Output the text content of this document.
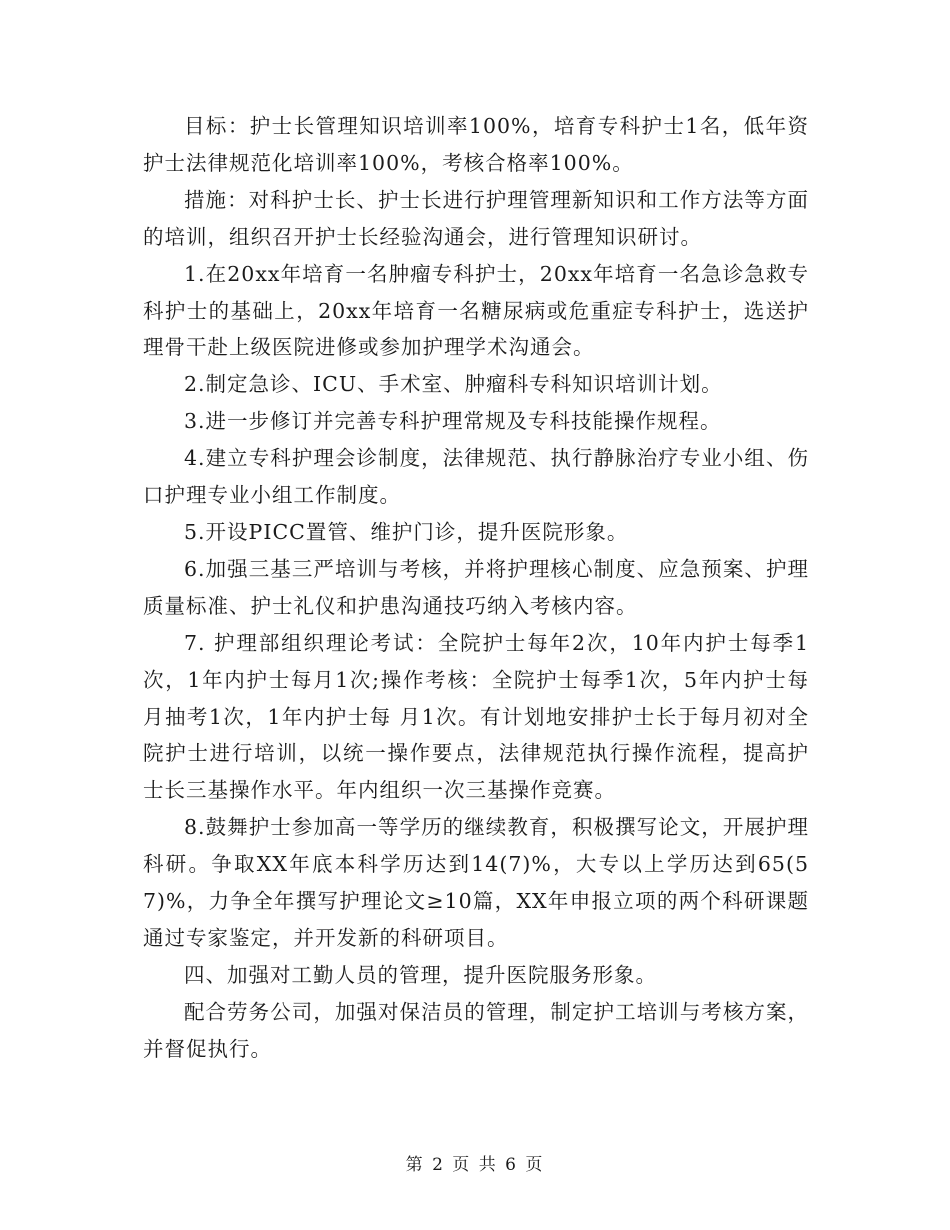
目标：护士长管理知识培训率100%，培育专科护士1名，低年资护士法律规范化培训率100%，考核合格率100%。

措施：对科护士长、护士长进行护理管理新知识和工作方法等方面的培训，组织召开护士长经验沟通会，进行管理知识研讨。

1.在20xx年培育一名肿瘤专科护士，20xx年培育一名急诊急救专科护士的基础上，20xx年培育一名糖尿病或危重症专科护士，选送护理骨干赴上级医院进修或参加护理学术沟通会。

2.制定急诊、ICU、手术室、肿瘤科专科知识培训计划。

3.进一步修订并完善专科护理常规及专科技能操作规程。

4.建立专科护理会诊制度，法律规范、执行静脉治疗专业小组、伤口护理专业小组工作制度。

5.开设PICC置管、维护门诊，提升医院形象。

6.加强三基三严培训与考核，并将护理核心制度、应急预案、护理质量标准、护士礼仪和护患沟通技巧纳入考核内容。

7. 护理部组织理论考试：全院护士每年2次，10年内护士每季1次，1年内护士每月1次;操作考核：全院护士每季1次，5年内护士每月抽考1次，1年内护士每 月1次。有计划地安排护士长于每月初对全院护士进行培训，以统一操作要点，法律规范执行操作流程，提高护士长三基操作水平。年内组织一次三基操作竞赛。

8.鼓舞护士参加高一等学历的继续教育，积极撰写论文，开展护理科研。争取XX年底本科学历达到14(7)%，大专以上学历达到65(57)%，力争全年撰写护理论文≥10篇，XX年申报立项的两个科研课题通过专家鉴定，并开发新的科研项目。

四、加强对工勤人员的管理，提升医院服务形象。

配合劳务公司，加强对保洁员的管理，制定护工培训与考核方案，并督促执行。

第 2 页 共 6 页
